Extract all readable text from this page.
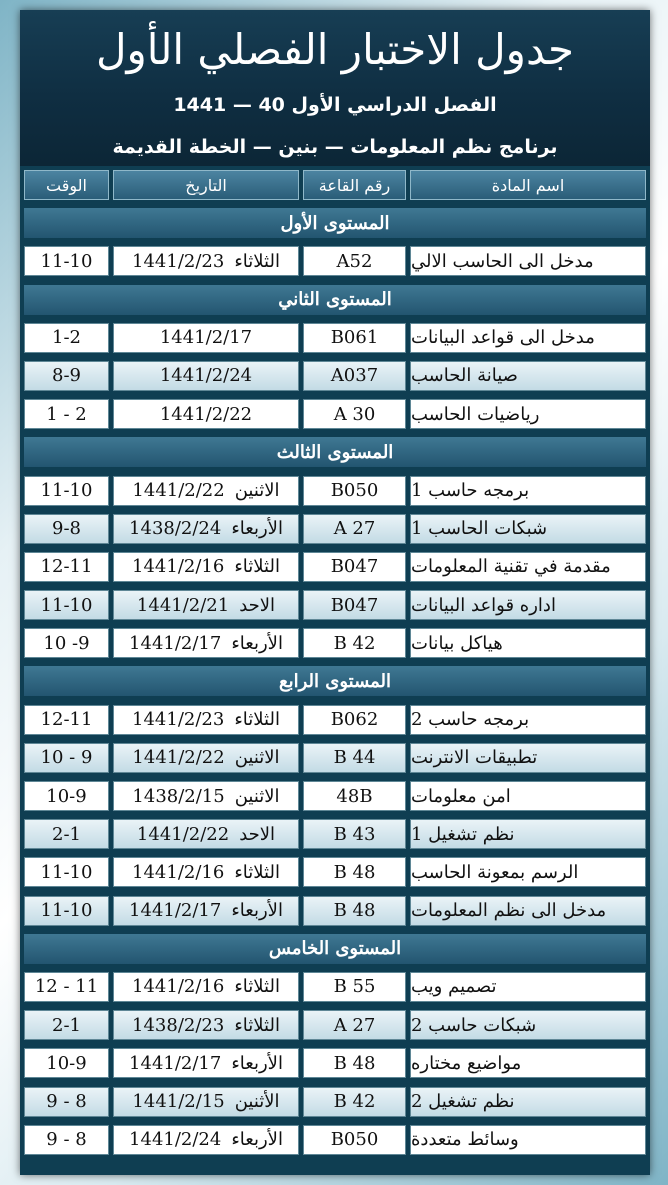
جدول الاختبار الفصلي الأول
الفصل الدراسي الأول 40 — 1441
برنامج نظم المعلومات — بنين — الخطة القديمة
اسم المادة
رقم القاعة
التاريخ
الوقت
المستوى الأول
مدخل الى الحاسب الالي
A52
الثلاثاء
1441/2/23
11-10
المستوى الثاني
مدخل الى قواعد البيانات
B061
1441/2/17
1-2
صيانة الحاسب
A037
1441/2/24
8-9
رياضيات الحاسب
A 30
1441/2/22
1 - 2
المستوى الثالث
برمجه حاسب 1
B050
الاثنين
1441/2/22
11-10
شبكات الحاسب 1
A 27
الأربعاء
1438/2/24
9-8
مقدمة في تقنية المعلومات
B047
الثلاثاء
1441/2/16
12-11
اداره قواعد البيانات
B047
الاحد
1441/2/21
11-10
هياكل بيانات
B 42
الأربعاء
1441/2/17
10 -9
المستوى الرابع
برمجه حاسب 2
B062
الثلاثاء
1441/2/23
12-11
تطبيقات الانترنت
B 44
الاثنين
1441/2/22
10 - 9
امن معلومات
48B
الاثنين
1438/2/15
10-9
نظم تشغيل 1
B 43
الاحد
1441/2/22
2-1
الرسم بمعونة الحاسب
B 48
الثلاثاء
1441/2/16
11-10
مدخل الى نظم المعلومات
B 48
الأربعاء
1441/2/17
11-10
المستوى الخامس
تصميم ويب
B 55
الثلاثاء
1441/2/16
12 - 11
شبكات حاسب 2
A 27
الثلاثاء
1438/2/23
2-1
مواضيع مختاره
B 48
الأربعاء
1441/2/17
10-9
نظم تشغيل 2
B 42
الأثنين
1441/2/15
9 - 8
وسائط متعددة
B050
الأربعاء
1441/2/24
9 - 8
